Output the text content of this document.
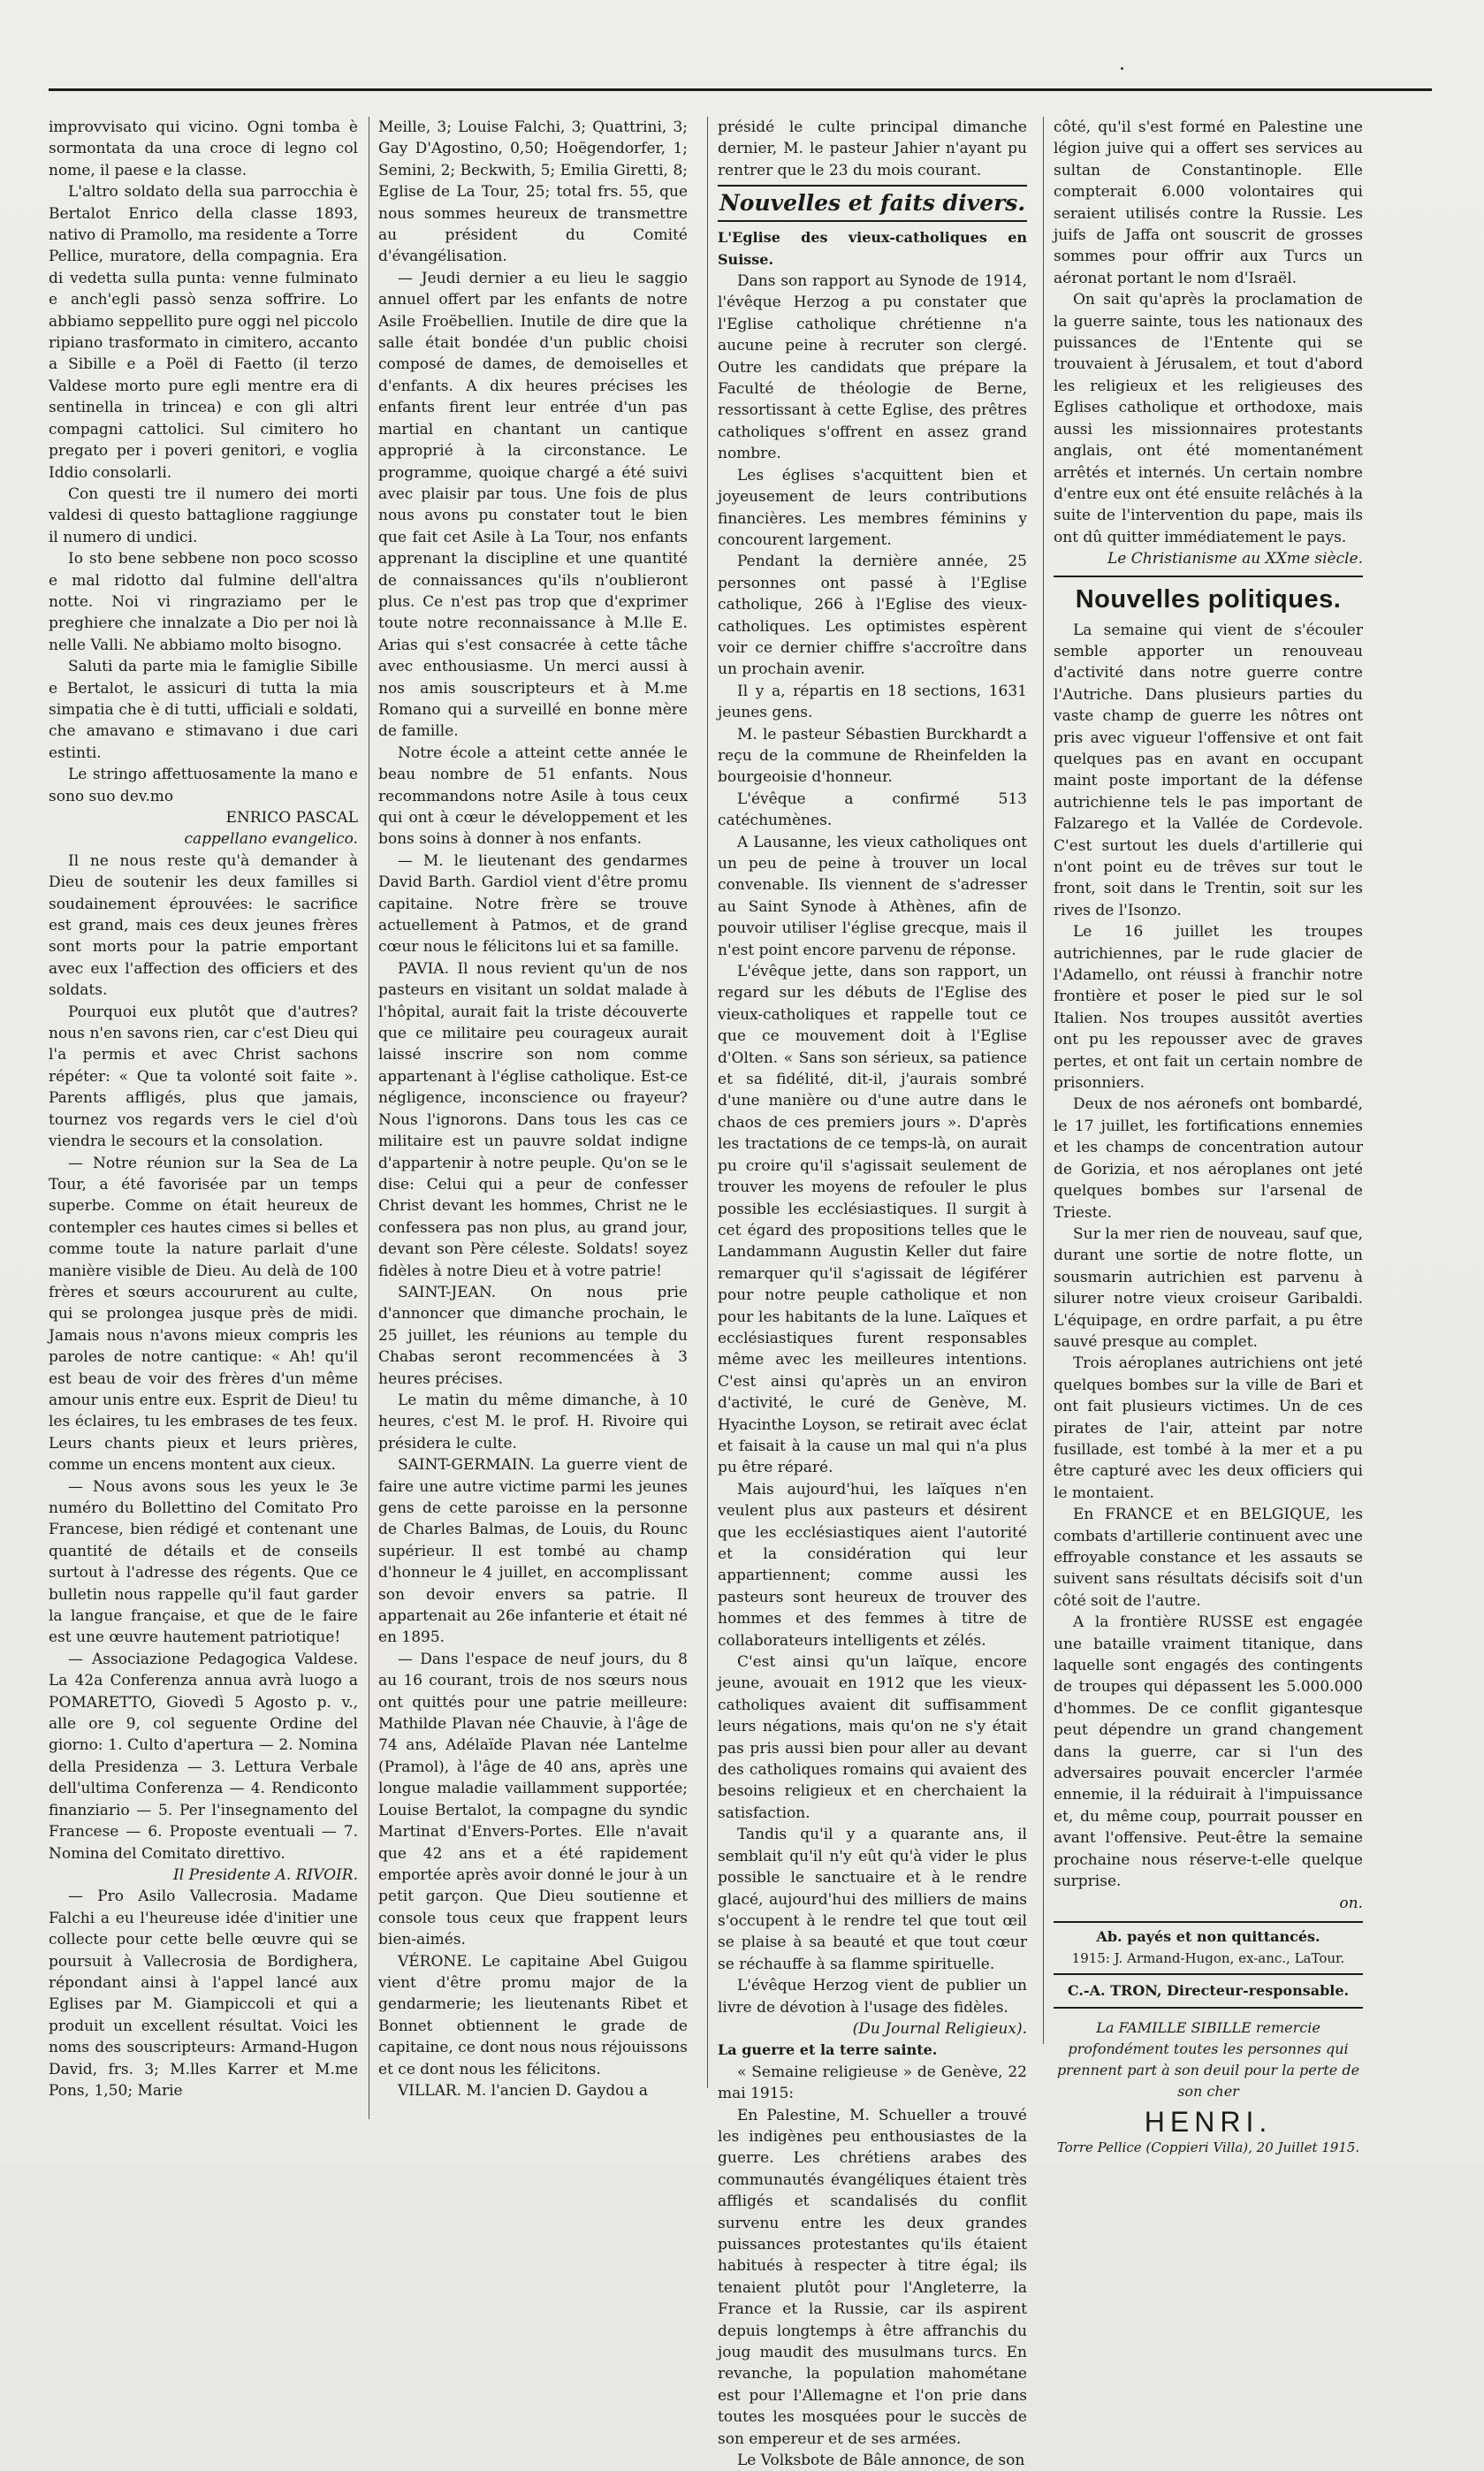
improvvisato qui vicino. Ogni tomba è sormontata da una croce di legno col nome, il paese e la classe.

L'altro soldato della sua parrocchia è Bertalot Enrico della classe 1893, nativo di Pramollo, ma residente a Torre Pellice, muratore, della compagnia. Era di vedetta sulla punta: venne fulminato e anch'egli passò senza soffrire. Lo abbiamo seppellito pure oggi nel piccolo ripiano trasformato in cimitero, accanto a Sibille e a Poël di Faetto (il terzo Valdese morto pure egli mentre era di sentinella in trincea) e con gli altri compagni cattolici. Sul cimitero ho pregato per i poveri genitori, e voglia Iddio consolarli.

Con questi tre il numero dei morti valdesi di questo battaglione raggiunge il numero di undici.

Io sto bene sebbene non poco scosso e mal ridotto dal fulmine dell'altra notte. Noi vi ringraziamo per le preghiere che innalzate a Dio per noi là nelle Valli. Ne abbiamo molto bisogno.

Saluti da parte mia le famiglie Sibille e Bertalot, le assicuri di tutta la mia simpatia che è di tutti, ufficiali e soldati, che amavano e stimavano i due cari estinti.

Le stringo affettuosamente la mano e sono suo dev.mo

ENRICO PASCAL

cappellano evangelico.

Il ne nous reste qu'à demander à Dieu de soutenir les deux familles si soudainement éprouvées: le sacrifice est grand, mais ces deux jeunes frères sont morts pour la patrie emportant avec eux l'affection des officiers et des soldats.

Pourquoi eux plutôt que d'autres? nous n'en savons rien, car c'est Dieu qui l'a permis et avec Christ sachons répéter: « Que ta volonté soit faite ». Parents affligés, plus que jamais, tournez vos regards vers le ciel d'où viendra le secours et la consolation.

— Notre réunion sur la Sea de La Tour, a été favorisée par un temps superbe. Comme on était heureux de contempler ces hautes cimes si belles et comme toute la nature parlait d'une manière visible de Dieu. Au delà de 100 frères et sœurs accoururent au culte, qui se prolongea jusque près de midi. Jamais nous n'avons mieux compris les paroles de notre cantique: « Ah! qu'il est beau de voir des frères d'un même amour unis entre eux. Esprit de Dieu! tu les éclaires, tu les embrases de tes feux. Leurs chants pieux et leurs prières, comme un encens montent aux cieux.

— Nous avons sous les yeux le 3e numéro du Bollettino del Comitato Pro Francese, bien rédigé et contenant une quantité de détails et de conseils surtout à l'adresse des régents. Que ce bulletin nous rappelle qu'il faut garder la langue française, et que de le faire est une œuvre hautement patriotique!

— Associazione Pedagogica Valdese. La 42a Conferenza annua avrà luogo a POMARETTO, Giovedì 5 Agosto p. v., alle ore 9, col seguente Ordine del giorno: 1. Culto d'apertura — 2. Nomina della Presidenza — 3. Lettura Verbale dell'ultima Conferenza — 4. Rendiconto finanziario — 5. Per l'insegnamento del Francese — 6. Proposte eventuali — 7. Nomina del Comitato direttivo.

Il Presidente A. RIVOIR.

— Pro Asilo Vallecrosia. Madame Falchi a eu l'heureuse idée d'initier une collecte pour cette belle œuvre qui se poursuit à Vallecrosia de Bordighera, répondant ainsi à l'appel lancé aux Eglises par M. Giampiccoli et qui a produit un excellent résultat. Voici les noms des souscripteurs: Armand-Hugon David, frs. 3; M.lles Karrer et M.me Pons, 1,50; Marie

Meille, 3; Louise Falchi, 3; Quattrini, 3; Gay D'Agostino, 0,50; Hoëgendorfer, 1; Semini, 2; Beckwith, 5; Emilia Giretti, 8; Eglise de La Tour, 25; total frs. 55, que nous sommes heureux de transmettre au président du Comité d'évangélisation.

— Jeudi dernier a eu lieu le saggio annuel offert par les enfants de notre Asile Froëbellien. Inutile de dire que la salle était bondée d'un public choisi composé de dames, de demoiselles et d'enfants. A dix heures précises les enfants firent leur entrée d'un pas martial en chantant un cantique approprié à la circonstance. Le programme, quoique chargé a été suivi avec plaisir par tous. Une fois de plus nous avons pu constater tout le bien que fait cet Asile à La Tour, nos enfants apprenant la discipline et une quantité de connaissances qu'ils n'oublieront plus. Ce n'est pas trop que d'exprimer toute notre reconnaissance à M.lle E. Arias qui s'est consacrée à cette tâche avec enthousiasme. Un merci aussi à nos amis souscripteurs et à M.me Romano qui a surveillé en bonne mère de famille.

Notre école a atteint cette année le beau nombre de 51 enfants. Nous recommandons notre Asile à tous ceux qui ont à cœur le développement et les bons soins à donner à nos enfants.

— M. le lieutenant des gendarmes David Barth. Gardiol vient d'être promu capitaine. Notre frère se trouve actuellement à Patmos, et de grand cœur nous le félicitons lui et sa famille.

PAVIA. Il nous revient qu'un de nos pasteurs en visitant un soldat malade à l'hôpital, aurait fait la triste découverte que ce militaire peu courageux aurait laissé inscrire son nom comme appartenant à l'église catholique. Est-ce négligence, inconscience ou frayeur? Nous l'ignorons. Dans tous les cas ce militaire est un pauvre soldat indigne d'appartenir à notre peuple. Qu'on se le dise: Celui qui a peur de confesser Christ devant les hommes, Christ ne le confessera pas non plus, au grand jour, devant son Père céleste. Soldats! soyez fidèles à notre Dieu et à votre patrie!

SAINT-JEAN. On nous prie d'annoncer que dimanche prochain, le 25 juillet, les réunions au temple du Chabas seront recommencées à 3 heures précises.

Le matin du même dimanche, à 10 heures, c'est M. le prof. H. Rivoire qui présidera le culte.

SAINT-GERMAIN. La guerre vient de faire une autre victime parmi les jeunes gens de cette paroisse en la personne de Charles Balmas, de Louis, du Rounc supérieur. Il est tombé au champ d'honneur le 4 juillet, en accomplissant son devoir envers sa patrie. Il appartenait au 26e infanterie et était né en 1895.

— Dans l'espace de neuf jours, du 8 au 16 courant, trois de nos sœurs nous ont quittés pour une patrie meilleure: Mathilde Plavan née Chauvie, à l'âge de 74 ans, Adélaïde Plavan née Lantelme (Pramol), à l'âge de 40 ans, après une longue maladie vaillamment supportée; Louise Bertalot, la compagne du syndic Martinat d'Envers-Portes. Elle n'avait que 42 ans et a été rapidement emportée après avoir donné le jour à un petit garçon. Que Dieu soutienne et console tous ceux que frappent leurs bien-aimés.

VÉRONE. Le capitaine Abel Guigou vient d'être promu major de la gendarmerie; les lieutenants Ribet et Bonnet obtiennent le grade de capitaine, ce dont nous nous réjouissons et ce dont nous les félicitons.

VILLAR. M. l'ancien D. Gaydou a

présidé le culte principal dimanche dernier, M. le pasteur Jahier n'ayant pu rentrer que le 23 du mois courant.

Nouvelles et faits divers.

L'Eglise des vieux-catholiques en Suisse.

Dans son rapport au Synode de 1914, l'évêque Herzog a pu constater que l'Eglise catholique chrétienne n'a aucune peine à recruter son clergé. Outre les candidats que prépare la Faculté de théologie de Berne, ressortissant à cette Eglise, des prêtres catholiques s'offrent en assez grand nombre.

Les églises s'acquittent bien et joyeusement de leurs contributions financières. Les membres féminins y concourent largement.

Pendant la dernière année, 25 personnes ont passé à l'Eglise catholique, 266 à l'Eglise des vieux-catholiques. Les optimistes espèrent voir ce dernier chiffre s'accroître dans un prochain avenir.

Il y a, répartis en 18 sections, 1631 jeunes gens.

M. le pasteur Sébastien Burckhardt a reçu de la commune de Rheinfelden la bourgeoisie d'honneur.

L'évêque a confirmé 513 catéchumènes.

A Lausanne, les vieux catholiques ont un peu de peine à trouver un local convenable. Ils viennent de s'adresser au Saint Synode à Athènes, afin de pouvoir utiliser l'église grecque, mais il n'est point encore parvenu de réponse.

L'évêque jette, dans son rapport, un regard sur les débuts de l'Eglise des vieux-catholiques et rappelle tout ce que ce mouvement doit à l'Eglise d'Olten. « Sans son sérieux, sa patience et sa fidélité, dit-il, j'aurais sombré d'une manière ou d'une autre dans le chaos de ces premiers jours ». D'après les tractations de ce temps-là, on aurait pu croire qu'il s'agissait seulement de trouver les moyens de refouler le plus possible les ecclésiastiques. Il surgit à cet égard des propositions telles que le Landammann Augustin Keller dut faire remarquer qu'il s'agissait de légiférer pour notre peuple catholique et non pour les habitants de la lune. Laïques et ecclésiastiques furent responsables même avec les meilleures intentions. C'est ainsi qu'après un an environ d'activité, le curé de Genève, M. Hyacinthe Loyson, se retirait avec éclat et faisait à la cause un mal qui n'a plus pu être réparé.

Mais aujourd'hui, les laïques n'en veulent plus aux pasteurs et désirent que les ecclésiastiques aient l'autorité et la considération qui leur appartiennent; comme aussi les pasteurs sont heureux de trouver des hommes et des femmes à titre de collaborateurs intelligents et zélés.

C'est ainsi qu'un laïque, encore jeune, avouait en 1912 que les vieux-catholiques avaient dit suffisamment leurs négations, mais qu'on ne s'y était pas pris aussi bien pour aller au devant des catholiques romains qui avaient des besoins religieux et en cherchaient la satisfaction.

Tandis qu'il y a quarante ans, il semblait qu'il n'y eût qu'à vider le plus possible le sanctuaire et à le rendre glacé, aujourd'hui des milliers de mains s'occupent à le rendre tel que tout œil se plaise à sa beauté et que tout cœur se réchauffe à sa flamme spirituelle.

L'évêque Herzog vient de publier un livre de dévotion à l'usage des fidèles.

(Du Journal Religieux).

La guerre et la terre sainte.

« Semaine religieuse » de Genève, 22 mai 1915:

En Palestine, M. Schueller a trouvé les indigènes peu enthousiastes de la guerre. Les chrétiens arabes des communautés évangéliques étaient très affligés et scandalisés du conflit survenu entre les deux grandes puissances protestantes qu'ils étaient habitués à respecter à titre égal; ils tenaient plutôt pour l'Angleterre, la France et la Russie, car ils aspirent depuis longtemps à être affranchis du joug maudit des musulmans turcs. En revanche, la population mahométane est pour l'Allemagne et l'on prie dans toutes les mosquées pour le succès de son empereur et de ses armées.

Le Volksbote de Bâle annonce, de son

côté, qu'il s'est formé en Palestine une légion juive qui a offert ses services au sultan de Constantinople. Elle compterait 6.000 volontaires qui seraient utilisés contre la Russie. Les juifs de Jaffa ont souscrit de grosses sommes pour offrir aux Turcs un aéronat portant le nom d'Israël.

On sait qu'après la proclamation de la guerre sainte, tous les nationaux des puissances de l'Entente qui se trouvaient à Jérusalem, et tout d'abord les religieux et les religieuses des Eglises catholique et orthodoxe, mais aussi les missionnaires protestants anglais, ont été momentanément arrêtés et internés. Un certain nombre d'entre eux ont été ensuite relâchés à la suite de l'intervention du pape, mais ils ont dû quitter immédiatement le pays.

Le Christianisme au XXme siècle.

Nouvelles politiques.

La semaine qui vient de s'écouler semble apporter un renouveau d'activité dans notre guerre contre l'Autriche. Dans plusieurs parties du vaste champ de guerre les nôtres ont pris avec vigueur l'offensive et ont fait quelques pas en avant en occupant maint poste important de la défense autrichienne tels le pas important de Falzarego et la Vallée de Cordevole. C'est surtout les duels d'artillerie qui n'ont point eu de trêves sur tout le front, soit dans le Trentin, soit sur les rives de l'Isonzo.

Le 16 juillet les troupes autrichiennes, par le rude glacier de l'Adamello, ont réussi à franchir notre frontière et poser le pied sur le sol Italien. Nos troupes aussitôt averties ont pu les repousser avec de graves pertes, et ont fait un certain nombre de prisonniers.

Deux de nos aéronefs ont bombardé, le 17 juillet, les fortifications ennemies et les champs de concentration autour de Gorizia, et nos aéroplanes ont jeté quelques bombes sur l'arsenal de Trieste.

Sur la mer rien de nouveau, sauf que, durant une sortie de notre flotte, un sousmarin autrichien est parvenu à silurer notre vieux croiseur Garibaldi. L'équipage, en ordre parfait, a pu être sauvé presque au complet.

Trois aéroplanes autrichiens ont jeté quelques bombes sur la ville de Bari et ont fait plusieurs victimes. Un de ces pirates de l'air, atteint par notre fusillade, est tombé à la mer et a pu être capturé avec les deux officiers qui le montaient.

En FRANCE et en BELGIQUE, les combats d'artillerie continuent avec une effroyable constance et les assauts se suivent sans résultats décisifs soit d'un côté soit de l'autre.

A la frontière RUSSE est engagée une bataille vraiment titanique, dans laquelle sont engagés des contingents de troupes qui dépassent les 5.000.000 d'hommes. De ce conflit gigantesque peut dépendre un grand changement dans la guerre, car si l'un des adversaires pouvait encercler l'armée ennemie, il la réduirait à l'impuissance et, du même coup, pourrait pousser en avant l'offensive. Peut-être la semaine prochaine nous réserve-t-elle quelque surprise.

on.

Ab. payés et non quittancés.
1915: J. Armand-Hugon, ex-anc., LaTour.
C.-A. TRON, Directeur-responsable.
La FAMILLE SIBILLE remercie profondément toutes les personnes qui prennent part à son deuil pour la perte de son cher
HENRI.
Torre Pellice (Coppieri Villa), 20 Juillet 1915.
